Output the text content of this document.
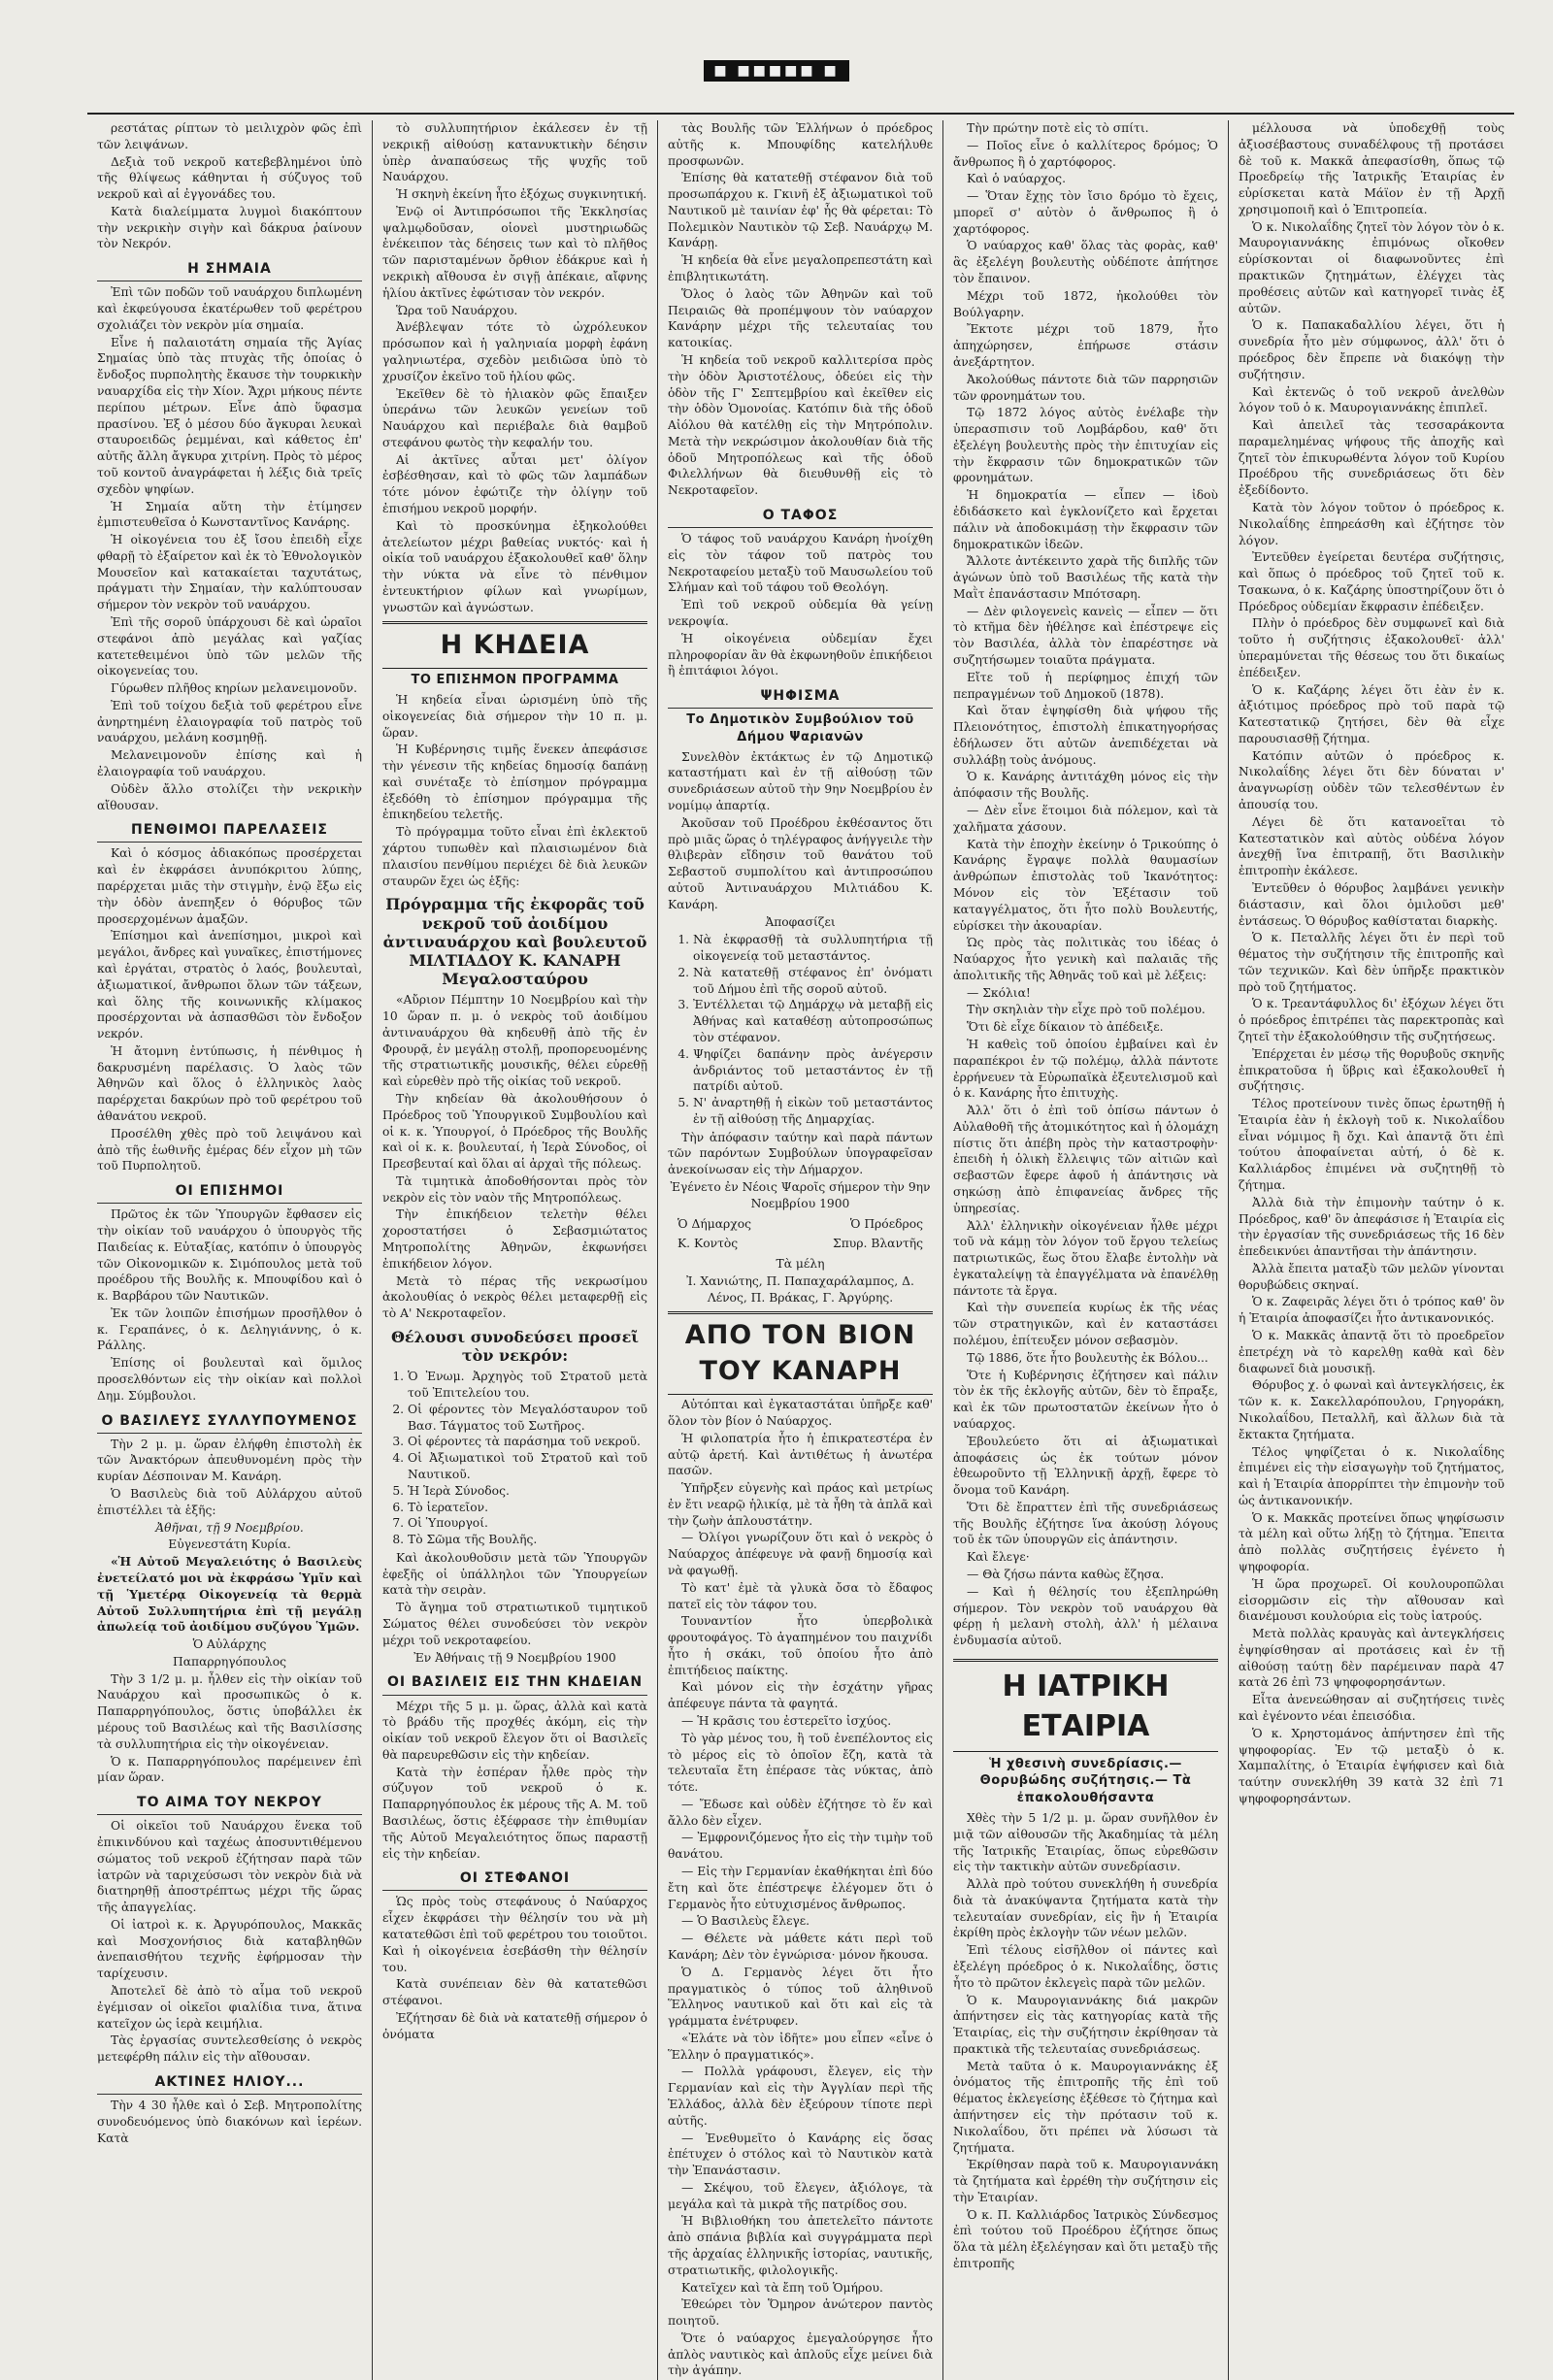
■ ■■■■■ ■

ρεστάτας ρίπτων τὸ μειλιχρὸν φῶς ἐπὶ τῶν λειψάνων.

Δεξιὰ τοῦ νεκροῦ κατεβεβλημένοι ὑπὸ τῆς θλίψεως κάθηνται ἡ σύζυγος τοῦ νεκροῦ καὶ αἱ ἐγγονάδες του.

Κατὰ διαλείμματα λυγμοὶ διακόπτουν τὴν νεκρικὴν σιγὴν καὶ δάκρυα ῥαίνουν τὸν Νεκρόν.

Η ΣΗΜΑΙΑ

Ἐπὶ τῶν ποδῶν τοῦ ναυάρχου διπλωμένη καὶ ἐκφεύγουσα ἑκατέρωθεν τοῦ φερέτρου σχολιάζει τὸν νεκρὸν μία σημαία.

Εἶνε ἡ παλαιοτάτη σημαία τῆς Ἁγίας Σημαίας ὑπὸ τὰς πτυχὰς τῆς ὁποίας ὁ ἔνδοξος πυρπολητὴς ἔκαυσε τὴν τουρκικὴν ναυαρχίδα εἰς τὴν Χίον. Ἄχρι μήκους πέντε περίπου μέτρων. Εἶνε ἀπὸ ὕφασμα πρασίνου. Ἐξ ὁ μέσου δύο ἄγκυραι λευκαὶ σταυροειδῶς ῥεμμέναι, καὶ κάθετος ἐπ' αὐτῆς ἄλλη ἄγκυρα χιτρίνη. Πρὸς τὸ μέρος τοῦ κοντοῦ ἀναγράφεται ἡ λέξις διὰ τρεῖς σχεδὸν ψηφίων.

Ἡ Σημαία αὕτη τὴν ἐτίμησεν ἐμπιστευθεῖσα ὁ Κωνσταντῖνος Κανάρης.

Ἡ οἰκογένεια του ἐξ ἴσου ἐπειδὴ εἶχε φθαρῇ τὸ ἐξαίρετον καὶ ἐκ τὸ Ἐθνολογικὸν Μουσεῖον καὶ κατακαίεται ταχυτάτως, πράγματι τὴν Σημαίαν, τὴν καλύπτουσαν σήμερον τὸν νεκρὸν τοῦ ναυάρχου.

Ἐπὶ τῆς σοροῦ ὑπάρχουσι δὲ καὶ ὡραῖοι στεφάνοι ἀπὸ μεγάλας καὶ γαζίας κατετεθειμένοι ὑπὸ τῶν μελῶν τῆς οἰκογενείας του.

Γύρωθεν πλῆθος κηρίων μελανειμονοῦν.

Ἐπὶ τοῦ τοίχου δεξιὰ τοῦ φερέτρου εἶνε ἀνηρτημένη ἐλαιογραφία τοῦ πατρὸς τοῦ ναυάρχου, μελάνη κοσμηθῇ.

Μελανειμονοῦν ἐπίσης καὶ ἡ ἐλαιογραφία τοῦ ναυάρχου.

Οὐδὲν ἄλλο στολίζει τὴν νεκρικὴν αἴθουσαν.

ΠΕΝΘΙΜΟΙ ΠΑΡΕΛΑΣΕΙΣ

Καὶ ὁ κόσμος ἀδιακόπως προσέρχεται καὶ ἐν ἐκφράσει ἀνυπόκριτου λύπης, παρέρχεται μιᾶς τὴν στιγμὴν, ἐνῷ ἔξω εἰς τὴν ὁδὸν ἀνεπηξεν ὁ θόρυβος τῶν προσερχομένων ἀμαξῶν.

Ἐπίσημοι καὶ ἀνεπίσημοι, μικροὶ καὶ μεγάλοι, ἄνδρες καὶ γυναῖκες, ἐπιστήμονες καὶ ἐργάται, στρατὸς ὁ λαός, βουλευταὶ, ἀξιωματικοί, ἄνθρωποι ὅλων τῶν τάξεων, καὶ ὅλης τῆς κοινωνικῆς κλίμακος προσέρχονται νὰ ἀσπασθῶσι τὸν ἔνδοξον νεκρόν.

Ἡ ἄτομνη ἐντύπωσις, ἡ πένθιμος ἡ δακρυσμένη παρέλασις. Ὁ λαὸς τῶν Ἀθηνῶν καὶ ὅλος ὁ ἑλληνικὸς λαὸς παρέρχεται δακρύων πρὸ τοῦ φερέτρου τοῦ ἀθανάτου νεκροῦ.

Προσέλθη χθὲς πρὸ τοῦ λειψάνου καὶ ἀπὸ τῆς ἑωθινῆς ἐμέρας δέν εἶχον μὴ τῶν τοῦ Πυρπολητοῦ.

ΟΙ ΕΠΙΣΗΜΟΙ

Πρῶτος ἐκ τῶν Ὑπουργῶν ἔφθασεν εἰς τὴν οἰκίαν τοῦ ναυάρχου ὁ ὑπουργὸς τῆς Παιδείας κ. Εὐταξίας, κατόπιν ὁ ὑπουργὸς τῶν Οἰκονομικῶν κ. Σιμόπουλος μετὰ τοῦ προέδρου τῆς Βουλῆς κ. Μπουφίδου καὶ ὁ κ. Βαρβάρου τῶν Ναυτικῶν.

Ἐκ τῶν λοιπῶν ἐπισήμων προσῆλθον ὁ κ. Γεραπάνες, ὁ κ. Δεληγιάννης, ὁ κ. Ράλλης.

Ἐπίσης οἱ βουλευταὶ καὶ ὅμιλος προσελθόντων εἰς τὴν οἰκίαν καὶ πολλοὶ Δημ. Σύμβουλοι.

Ο ΒΑΣΙΛΕΥΣ ΣΥΛΛΥΠΟΥΜΕΝΟΣ

Τὴν 2 μ. μ. ὥραν ἐλήφθη ἐπιστολὴ ἐκ τῶν Ἀνακτόρων ἀπευθυνομένη πρὸς τὴν κυρίαν Δέσποιναν Μ. Κανάρη.

Ὁ Βασιλεὺς διὰ τοῦ Αὐλάρχου αὐτοῦ ἐπιστέλλει τὰ ἑξῆς:

Ἀθῆναι, τῇ 9 Νοεμβρίου.

Εὐγενεστάτη Κυρία.

«Ἡ Αὐτοῦ Μεγαλειότης ὁ Βασιλεὺς ἐνετείλατό μοι νὰ ἐκφράσω Ὑμῖν καὶ τῇ Ὑμετέρᾳ Οἰκογενείᾳ τὰ θερμὰ Αὐτοῦ Συλλυπητήρια ἐπὶ τῇ μεγάλῃ ἀπωλείᾳ τοῦ ἀοιδίμου συζύγου Ὑμῶν.

Ὁ Αὐλάρχης

Παπαρρηγόπουλος

Τὴν 3 1/2 μ. μ. ἦλθεν εἰς τὴν οἰκίαν τοῦ Ναυάρχου καὶ προσωπικῶς ὁ κ. Παπαρρηγόπουλος, ὅστις ὑποβάλλει ἐκ μέρους τοῦ Βασιλέως καὶ τῆς Βασιλίσσης τὰ συλλυπητήρια εἰς τὴν οἰκογένειαν.

Ὁ κ. Παπαρρηγόπουλος παρέμεινεν ἐπὶ μίαν ὥραν.

ΤΟ ΑΙΜΑ ΤΟΥ ΝΕΚΡΟΥ

Οἱ οἰκεῖοι τοῦ Ναυάρχου ἕνεκα τοῦ ἐπικινδύνου καὶ ταχέως ἀποσυντιθέμενου σώματος τοῦ νεκροῦ ἐζήτησαν παρὰ τῶν ἰατρῶν νὰ ταριχεύσωσι τὸν νεκρὸν διὰ νὰ διατηρηθῇ ἀποστρέπτως μέχρι τῆς ὥρας τῆς ἀπαγγελίας.

Οἱ ἰατροὶ κ. κ. Ἀργυρόπουλος, Μακκᾶς καὶ Μοσχονήσιος διὰ καταβληθῶν ἀνεπαισθήτου τεχνῆς ἐφήρμοσαν τὴν ταρίχευσιν.

Ἀποτελεῖ δὲ ἀπὸ τὸ αἷμα τοῦ νεκροῦ ἐγέμισαν οἱ οἰκεῖοι φιαλίδια τινα, ἅτινα κατεῖχον ὡς ἱερὰ κειμήλια.

Τὰς ἐργασίας συντελεσθείσης ὁ νεκρὸς μετεφέρθη πάλιν εἰς τὴν αἴθουσαν.

ΑΚΤΙΝΕΣ ΗΛΙΟΥ...

Τὴν 4 30 ἦλθε καὶ ὁ Σεβ. Μητροπολίτης συνοδευόμενος ὑπὸ διακόνων καὶ ἱερέων. Κατὰ

τὸ συλλυπητήριον ἐκάλεσεν ἐν τῇ νεκρικῇ αἰθούσῃ κατανυκτικὴν δέησιν ὑπὲρ ἀναπαύσεως τῆς ψυχῆς τοῦ Ναυάρχου.

Ἡ σκηνὴ ἐκείνη ἦτο ἐξόχως συγκινητική.

Ἐνῷ οἱ Ἀντιπρόσωποι τῆς Ἐκκλησίας ψαλμῳδοῦσαν, οἱονεὶ μυστηριωδῶς ἐνέκειπον τὰς δέησεις των καὶ τὸ πλῆθος τῶν παρισταμένων ὄρθιον ἐδάκρυε καὶ ἡ νεκρικὴ αἴθουσα ἐν σιγῇ ἀπέκαιε, αἴφνης ἡλίου ἀκτῖνες ἐφώτισαν τὸν νεκρόν.

Ὥρα τοῦ Ναυάρχου.

Ἀνέβλεψαν τότε τὸ ὠχρόλευκον πρόσωπον καὶ ἡ γαληνιαία μορφὴ ἐφάνη γαληνιωτέρα, σχεδὸν μειδιῶσα ὑπὸ τὸ χρυσίζον ἐκεῖνο τοῦ ἡλίου φῶς.

Ἐκεῖθεν δὲ τὸ ἡλιακὸν φῶς ἔπαιξεν ὑπεράνω τῶν λευκῶν γενείων τοῦ Ναυάρχου καὶ περιέβαλε διὰ θαμβοῦ στεφάνου φωτὸς τὴν κεφαλήν του.

Αἱ ἀκτῖνες αὗται μετ' ὀλίγον ἐσβέσθησαν, καὶ τὸ φῶς τῶν λαμπάδων τότε μόνον ἐφώτιζε τὴν ὀλίγην τοῦ ἐπισήμου νεκροῦ μορφήν.

Καὶ τὸ προσκύνημα ἐξηκολούθει ἀτελείωτον μέχρι βαθείας νυκτός· καὶ ἡ οἰκία τοῦ ναυάρχου ἐξακολουθεῖ καθ' ὅλην τὴν νύκτα νὰ εἶνε τὸ πένθιμον ἐντευκτήριον φίλων καὶ γνωρίμων, γνωστῶν καὶ ἀγνώστων.

Η ΚΗΔΕΙΑ
ΤΟ ΕΠΙΣΗΜΟΝ ΠΡΟΓΡΑΜΜΑ

Ἡ κηδεία εἶναι ὡρισμένη ὑπὸ τῆς οἰκογενείας διὰ σήμερον τὴν 10 π. μ. ὥραν.

Ἡ Κυβέρνησις τιμῆς ἕνεκεν ἀπεφάσισε τὴν γένεσιν τῆς κηδείας δημοσίᾳ δαπάνῃ καὶ συνέταξε τὸ ἐπίσημον πρόγραμμα ἐξεδόθη τὸ ἐπίσημον πρόγραμμα τῆς ἐπικηδείου τελετῆς.

Τὸ πρόγραμμα τοῦτο εἶναι ἐπὶ ἐκλεκτοῦ χάρτου τυπωθὲν καὶ πλαισιωμένον διὰ πλαισίου πενθίμου περιέχει δὲ διὰ λευκῶν σταυρῶν ἔχει ὡς ἑξῆς:

Πρόγραμμα τῆς ἐκφορᾶς τοῦ νεκροῦ τοῦ ἀοιδίμου ἀντιναυάρχου καὶ βουλευτοῦ ΜΙΛΤΙΑΔΟΥ Κ. ΚΑΝΑΡΗ Μεγαλοσταύρου

«Αὔριον Πέμπτην 10 Νοεμβρίου καὶ τὴν 10 ὥραν π. μ. ὁ νεκρὸς τοῦ ἀοιδίμου ἀντιναυάρχου θὰ κηδευθῇ ἀπὸ τῆς ἐν Φρουρᾷ, ἐν μεγάλῃ στολῇ, προπορευομένης τῆς στρατιωτικῆς μουσικῆς, θέλει εὑρεθῇ καὶ εὑρεθὲν πρὸ τῆς οἰκίας τοῦ νεκροῦ.

Τὴν κηδείαν θὰ ἀκολουθήσουν ὁ Πρόεδρος τοῦ Ὑπουργικοῦ Συμβουλίου καὶ οἱ κ. κ. Ὑπουργοί, ὁ Πρόεδρος τῆς Βουλῆς καὶ οἱ κ. κ. βουλευταί, ἡ Ἱερὰ Σύνοδος, οἱ Πρεσβευταί καὶ ὅλαι αἱ ἀρχαὶ τῆς πόλεως.

Τὰ τιμητικὰ ἀποδοθήσονται πρὸς τὸν νεκρὸν εἰς τὸν ναὸν τῆς Μητροπόλεως.

Τὴν ἐπικήδειον τελετὴν θέλει χοροστατήσει ὁ Σεβασμιώτατος Μητροπολίτης Ἀθηνῶν, ἐκφωνήσει ἐπικήδειον λόγον.

Μετὰ τὸ πέρας τῆς νεκρωσίμου ἀκολουθίας ὁ νεκρὸς θέλει μεταφερθῇ εἰς τὸ Α' Νεκροταφεῖον.

Θέλουσι συνοδεύσει προσεῖ τὸν νεκρόν:
1. Ὁ Ἐνωμ. Ἀρχηγὸς τοῦ Στρατοῦ μετὰ τοῦ Ἐπιτελείου του.
2. Οἱ φέροντες τὸν Μεγαλόσταυρον τοῦ Βασ. Τάγματος τοῦ Σωτῆρος.
3. Οἱ φέροντες τὰ παράσημα τοῦ νεκροῦ.
4. Οἱ Ἀξιωματικοὶ τοῦ Στρατοῦ καὶ τοῦ Ναυτικοῦ.
5. Ἡ Ἱερὰ Σύνοδος.
6. Τὸ ἱερατεῖον.
7. Οἱ Ὑπουργοί.
8. Τὸ Σῶμα τῆς Βουλῆς.

Καὶ ἀκολουθοῦσιν μετὰ τῶν Ὑπουργῶν ἐφεξῆς οἱ ὑπάλληλοι τῶν Ὑπουργείων κατὰ τὴν σειρὰν.

Τὸ ἄγημα τοῦ στρατιωτικοῦ τιμητικοῦ Σώματος θέλει συνοδεύσει τὸν νεκρὸν μέχρι τοῦ νεκροταφείου.

Ἐν Ἀθήναις τῇ 9 Νοεμβρίου 1900

ΟΙ ΒΑΣΙΛΕΙΣ ΕΙΣ ΤΗΝ ΚΗΔΕΙΑΝ

Μέχρι τῆς 5 μ. μ. ὥρας, ἀλλὰ καὶ κατὰ τὸ βράδυ τῆς προχθές ἀκόμη, εἰς τὴν οἰκίαν τοῦ νεκροῦ ἔλεγον ὅτι οἱ Βασιλεῖς θὰ παρευρεθῶσιν εἰς τὴν κηδείαν.

Κατὰ τὴν ἑσπέραν ἦλθε πρὸς τὴν σύζυγον τοῦ νεκροῦ ὁ κ. Παπαρρηγόπουλος ἐκ μέρους τῆς Α. Μ. τοῦ Βασιλέως, ὅστις ἐξέφρασε τὴν ἐπιθυμίαν τῆς Αὐτοῦ Μεγαλειότητος ὅπως παραστῇ εἰς τὴν κηδείαν.

ΟΙ ΣΤΕΦΑΝΟΙ

Ὡς πρὸς τοὺς στεφάνους ὁ Ναύαρχος εἶχεν ἐκφράσει τὴν θέλησίν του νὰ μὴ κατατεθῶσι ἐπὶ τοῦ φερέτρου του τοιοῦτοι. Καὶ ἡ οἰκογένεια ἐσεβάσθη τὴν θέλησίν του.

Κατὰ συνέπειαν δὲν θὰ κατατεθῶσι στέφανοι.

Ἐζήτησαν δὲ διὰ νὰ κατατεθῇ σήμερον ὁ ὀνόματα

τὰς Βουλῆς τῶν Ἑλλήνων ὁ πρόεδρος αὐτῆς κ. Μπουφίδης κατελήλυθε προσφωνῶν.

Ἐπίσης θὰ κατατεθῇ στέφανον διὰ τοῦ προσωπάρχου κ. Γκινῆ ἐξ ἀξιωματικοὶ τοῦ Ναυτικοῦ μὲ ταινίαν ἐφ' ἧς θὰ φέρεται: Τὸ Πολεμικὸν Ναυτικὸν τῷ Σεβ. Ναυάρχῳ Μ. Κανάρῃ.

Ἡ κηδεία θὰ εἶνε μεγαλοπρεπεστάτη καὶ ἐπιβλητικωτάτη.

Ὅλος ὁ λαὸς τῶν Ἀθηνῶν καὶ τοῦ Πειραιῶς θὰ προπέμψουν τὸν ναύαρχον Κανάρην μέχρι τῆς τελευταίας του κατοικίας.

Ἡ κηδεία τοῦ νεκροῦ καλλιτερίσα πρὸς τὴν ὁδὸν Ἀριστοτέλους, ὁδεύει εἰς τὴν ὁδὸν τῆς Γ' Σεπτεμβρίου καὶ ἐκεῖθεν εἰς τὴν ὁδὸν Ὁμονοίας. Κατόπιν διὰ τῆς ὁδοῦ Αἰόλου θὰ κατέλθῃ εἰς τὴν Μητρόπολιν. Μετὰ τὴν νεκρώσιμον ἀκολουθίαν διὰ τῆς ὁδοῦ Μητροπόλεως καὶ τῆς ὁδοῦ Φιλελλήνων θὰ διευθυνθῇ εἰς τὸ Νεκροταφεῖον.

Ο ΤΑΦΟΣ

Ὁ τάφος τοῦ ναυάρχου Κανάρη ἠνοίχθη εἰς τὸν τάφον τοῦ πατρὸς του Νεκροταφείου μεταξὺ τοῦ Μαυσωλείου τοῦ Σλήμαν καὶ τοῦ τάφου τοῦ Θεολόγη.

Ἐπὶ τοῦ νεκροῦ οὐδεμία θὰ γείνῃ νεκροψία.

Ἡ οἰκογένεια οὐδεμίαν ἔχει πληροφορίαν ἂν θὰ ἐκφωνηθοῦν ἐπικήδειοι ἢ ἐπιτάφιοι λόγοι.

ΨΗΦΙΣΜΑ
Το Δημοτικὸν Συμβούλιον τοῦ Δήμου Ψαριανῶν

Συνελθὸν ἐκτάκτως ἐν τῷ Δημοτικῷ καταστήματι καὶ ἐν τῇ αἰθούσῃ τῶν συνεδριάσεων αὐτοῦ τὴν 9ην Νοεμβρίου ἐν νομίμῳ ἀπαρτίᾳ.

Ἀκοῦσαν τοῦ Προέδρου ἐκθέσαντος ὅτι πρὸ μιᾶς ὥρας ὁ τηλέγραφος ἀνήγγειλε τὴν θλιβερὰν εἴδησιν τοῦ θανάτου τοῦ Σεβαστοῦ συμπολίτου καὶ ἀντιπροσώπου αὐτοῦ Ἀντιναυάρχου Μιλτιάδου Κ. Κανάρη.

Ἀποφασίζει

1. Νὰ ἐκφρασθῇ τὰ συλλυπητήρια τῇ οἰκογενείᾳ τοῦ μεταστάντος.
2. Νὰ κατατεθῇ στέφανος ἐπ' ὀνόματι τοῦ Δήμου ἐπὶ τῆς σοροῦ αὐτοῦ.
3. Ἐντέλλεται τῷ Δημάρχῳ νὰ μεταβῇ εἰς Ἀθήνας καὶ καταθέσῃ αὐτοπροσώπως τὸν στέφανον.
4. Ψηφίζει δαπάνην πρὸς ἀνέγερσιν ἀνδριάντος τοῦ μεταστάντος ἐν τῇ πατρίδι αὐτοῦ.
5. Ν' ἀναρτηθῇ ἡ εἰκὼν τοῦ μεταστάντος ἐν τῇ αἰθούσῃ τῆς Δημαρχίας.

Τὴν ἀπόφασιν ταύτην καὶ παρὰ πάντων τῶν παρόντων Συμβούλων ὑπογραφεῖσαν ἀνεκοίνωσαν εἰς τὴν Δήμαρχον.

Ἐγένετο ἐν Νέοις Ψαροῖς σήμερον τὴν 9ην Νοεμβρίου 1900

Ὁ Δήμαρχος	Ὁ Πρόεδρος
Κ. Κοντὸς	Σπυρ. Βλαντῆς

Τὰ μέλη

Ἰ. Χανιώτης, Π. Παπαχαράλαμπος, Δ. Λένος, Π. Βράκας, Γ. Ἀργύρης.

ΑΠΟ ΤΟΝ ΒΙΟΝ ΤΟΥ ΚΑΝΑΡΗ

Αὐτόπται καὶ ἐγκαταστάται ὑπῆρξε καθ' ὅλον τὸν βίον ὁ Ναύαρχος.

Ἡ φιλοπατρία ἦτο ἡ ἐπικρατεστέρα ἐν αὐτῷ ἀρετή. Καὶ ἀντιθέτως ἡ ἀνωτέρα πασῶν.

Ὑπῆρξεν εὐγενὴς καὶ πράος καὶ μετρίως ἐν ἔτι νεαρῷ ἡλικίᾳ, μὲ τὰ ἦθη τὰ ἀπλᾶ καὶ τὴν ζωὴν ἁπλουστάτην.

— Ὀλίγοι γνωρίζουν ὅτι καὶ ὁ νεκρὸς ὁ Ναύαρχος ἀπέφευγε νὰ φανῇ δημοσίᾳ καὶ νὰ φαγωθῇ.

Τὸ κατ' ἐμὲ τὰ γλυκὰ ὄσα τὸ ἔδαφος πατεῖ εἰς τὸν τάφον του.

Τουναντίον ἦτο ὑπερβολικὰ φρουτοφάγος. Τὸ ἀγαπημένον του παιχνίδι ἦτο ἡ σκάκι, τοῦ ὁποίου ἦτο ἀπὸ ἐπιτήδειος παίκτης.

Καὶ μόνον εἰς τὴν ἐσχάτην γῆρας ἀπέφευγε πάντα τὰ φαγητά.

— Ἡ κρᾶσις του ἐστερεῖτο ἰσχύος.

Τὸ γὰρ μένος του, ἢ τοῦ ἐνεπέλοντος εἰς τὸ μέρος εἰς τὸ ὁποῖον ἔζη, κατὰ τὰ τελευταῖα ἔτη ἐπέρασε τὰς νύκτας, ἀπὸ τότε.

— Ἔδωσε καὶ οὐδὲν ἐζήτησε τὸ ἕν καὶ ἄλλο δὲν εἶχεν.

— Ἐμφρονιζόμενος ἦτο εἰς τὴν τιμὴν τοῦ θανάτου.

— Εἰς τὴν Γερμανίαν ἐκαθήκηται ἐπὶ δύο ἔτη καὶ ὅτε ἐπέστρεψε ἐλέγομεν ὅτι ὁ Γερμανὸς ἦτο εὐτυχισμένος ἄνθρωπος.

— Ὁ Βασιλεὺς ἔλεγε.

— Θέλετε νὰ μάθετε κάτι περὶ τοῦ Κανάρη; Δὲν τὸν ἐγνώρισα· μόνον ἤκουσα.

Ὁ Δ. Γερμανὸς λέγει ὅτι ἦτο πραγματικὸς ὁ τύπος τοῦ ἀληθινοῦ Ἕλληνος ναυτικοῦ καὶ ὅτι καὶ εἰς τὰ γράμματα ἐνέτρυφεν.

«Ἐλάτε νὰ τὸν ἰδῆτε» μου εἶπεν «εἶνε ὁ Ἕλλην ὁ πραγματικός».

— Πολλὰ γράφουσι, ἔλεγεν, εἰς τὴν Γερμανίαν καὶ εἰς τὴν Ἀγγλίαν περὶ τῆς Ἑλλάδος, ἀλλὰ δὲν ἐξεύρουν τίποτε περὶ αὐτῆς.

— Ἐνεθυμεῖτο ὁ Κανάρης εἰς ὅσας ἐπέτυχεν ὁ στόλος καὶ τὸ Ναυτικὸν κατὰ τὴν Ἐπανάστασιν.

— Σκέψου, τοῦ ἔλεγεν, ἀξιόλογε, τὰ μεγάλα καὶ τὰ μικρὰ τῆς πατρίδος σου.

Ἡ Βιβλιοθήκη του ἀπετελεῖτο πάντοτε ἀπὸ σπάνια βιβλία καὶ συγγράμματα περὶ τῆς ἀρχαίας ἑλληνικῆς ἱστορίας, ναυτικῆς, στρατιωτικῆς, φιλολογικῆς.

Κατεῖχεν καὶ τὰ ἔπη τοῦ Ὁμήρου.

Ἐθεώρει τὸν Ὅμηρον ἀνώτερον παντὸς ποιητοῦ.

Ὅτε ὁ ναύαρχος ἐμεγαλούργησε ἦτο ἀπλὸς ναυτικὸς καὶ ἀπλοῦς εἶχε μείνει διὰ τὴν ἀγάπην.

Τὴν πρώτην ποτὲ εἰς τὸ σπίτι.

— Ποῖος εἶνε ὁ καλλίτερος δρόμος; Ὁ ἄνθρωπος ἢ ὁ χαρτόφορος.

Καὶ ὁ ναύαρχος.

— Ὅταν ἔχῃς τὸν ἴσιο δρόμο τὸ ἔχεις, μπορεῖ σ' αὐτὸν ὁ ἄνθρωπος ἢ ὁ χαρτόφορος.

Ὁ ναύαρχος καθ' ὅλας τὰς φορὰς, καθ' ἃς ἐξελέγη βουλευτὴς οὐδέποτε ἀπήτησε τὸν ἔπαινον.

Μέχρι τοῦ 1872, ἠκολούθει τὸν Βούλγαρην.

Ἔκτοτε μέχρι τοῦ 1879, ἦτο ἀπηχώρησεν, ἐπήρωσε στάσιν ἀνεξάρτητον.

Ἀκολούθως πάντοτε διὰ τῶν παρρησιῶν τῶν φρονημάτων του.

Τῷ 1872 λόγος αὐτὸς ἐνέλαβε τὴν ὑπερασπισιν τοῦ Λομβάρδου, καθ' ὅτι ἐξελέγη βουλευτὴς πρὸς τὴν ἐπιτυχίαν εἰς τὴν ἔκφρασιν τῶν δημοκρατικῶν τῶν φρονημάτων.

Ἡ δημοκρατία — εἶπεν — ἰδοὺ ἐδιδάσκετο καὶ ἐγκλονίζετο καὶ ἔρχεται πάλιν νὰ ἀποδοκιμάσῃ τὴν ἔκφρασιν τῶν δημοκρατικῶν ἰδεῶν.

Ἄλλοτε ἀντέκειντο χαρὰ τῆς διπλῆς τῶν ἀγώνων ὑπὸ τοῦ Βασιλέως τῆς κατὰ τὴν Μαῒτ ἐπανάστασιν Μπότσαρη.

— Δὲν φιλογενεὶς κανεὶς — εἶπεν — ὅτι τὸ κτῆμα δὲν ἠθέλησε καὶ ἐπέστρεψε εἰς τὸν Βασιλέα, ἀλλὰ τὸν ἐπαρέστησε νὰ συζητήσωμεν τοιαῦτα πράγματα.

Εἴτε τοῦ ἡ περίφημος ἐπιχή τῶν πεπραγμένων τοῦ Δημοκοῦ (1878).

Καὶ ὅταν ἐψηφίσθη διὰ ψήφου τῆς Πλειονότητος, ἐπιστολὴ ἐπικατηγορήσας ἐδήλωσεν ὅτι αὐτῶν ἀνεπιδέχεται νὰ συλλάβῃ τοὺς ἀνόμους.

Ὁ κ. Κανάρης ἀντιτάχθη μόνος εἰς τὴν ἀπόφασιν τῆς Βουλῆς.

— Δὲν εἶνε ἕτοιμοι διὰ πόλεμον, καὶ τὰ χαλῆματα χάσουν.

Κατὰ τὴν ἐποχὴν ἐκείνην ὁ Τρικούπης ὁ Κανάρης ἔγραψε πολλὰ θαυμασίων ἀνθρώπων ἐπιστολὰς τοῦ Ἰκανότητος: Μόνον εἰς τὸν Ἐξέτασιν τοῦ καταγγέλματος, ὅτι ἦτο πολὺ Βουλευτής, εὑρίσκει τὴν ἀκουαρίαν.

Ὡς πρὸς τὰς πολιτικὰς του ἰδέας ὁ Ναύαρχος ἦτο γενικὴ καὶ παλαιᾶς τῆς ἀπολιτικῆς τῆς Ἀθηνᾶς τοῦ καὶ μὲ λέξεις:

— Σκόλια!

Τὴν σκηλιὰν τὴν εἶχε πρὸ τοῦ πολέμου.

Ὅτι δὲ εἶχε δίκαιον τὸ ἀπέδειξε.

Ἡ καθεὶς τοῦ ὁποίου ἐμβαίνει καὶ ἐν παραπέκροι ἐν τῷ πολέμῳ, ἀλλὰ πάντοτε ἐρρήνευεν τὰ Εὐρωπαϊκὰ ἐξευτελισμοῦ καὶ ὁ κ. Κανάρης ἦτο ἐπιτυχὴς.

Ἀλλ' ὅτι ὁ ἐπὶ τοῦ ὁπίσω πάντων ὁ Αὐλαθοθῆ τῆς ἀτομικότητος καὶ ἡ ὁλομάχη πίστις ὅτι ἀπέβη πρὸς τὴν καταστροφὴν· ἐπειδὴ ἡ ὁλικὴ ἔλλειψις τῶν αἰτιῶν καὶ σεβαστῶν ἔφερε ἀφοῦ ἡ ἀπάντησις νὰ σηκώσῃ ἀπὸ ἐπιφανείας ἄνδρες τῆς ὑπηρεσίας.

Ἀλλ' ἐλληνικὴν οἰκογένειαν ἦλθε μέχρι τοῦ νὰ κάμῃ τὸν λόγον τοῦ ἔργου τελείως πατριωτικῶς, ἕως ὅτου ἔλαβε ἐντολὴν νὰ ἐγκαταλείψῃ τὰ ἐπαγγέλματα νὰ ἐπανέλθῃ πάντοτε τὰ ἔργα.

Καὶ τὴν συνεπεία κυρίως ἐκ τῆς νέας τῶν στρατηγικῶν, καὶ ἐν καταστάσει πολέμου, ἐπίτευξεν μόνον σεβασμὸν.

Τῷ 1886, ὅτε ἦτο βουλευτὴς ἐκ Βόλου...

Ὅτε ἡ Κυβέρνησις ἐζήτησεν καὶ πάλιν τὸν ἐκ τῆς ἐκλογῆς αὐτῶν, δὲν τὸ ἔπραξε, καὶ ἐκ τῶν πρωτοστατῶν ἐκείνων ἦτο ὁ ναύαρχος.

Ἐβουλεύετο ὅτι αἱ ἀξιωματικαὶ ἀποφάσεις ὡς ἐκ τούτων μόνον ἐθεωροῦντο τῇ Ἑλληνικῇ ἀρχῇ, ἔφερε τὸ ὄνομα τοῦ Κανάρη.

Ὅτι δὲ ἔπραττεν ἐπὶ τῆς συνεδριάσεως τῆς Βουλῆς ἐζήτησε ἵνα ἀκούσῃ λόγους τοῦ ἐκ τῶν ὑπουργῶν εἰς ἀπάντησιν.

Καὶ ἔλεγε·

— Θὰ ζήσω πάντα καθὼς ἔζησα.

— Καὶ ἡ θέλησίς του ἐξεπληρώθη σήμερον. Τὸν νεκρὸν τοῦ ναυάρχου θὰ φέρῃ ἡ μελανὴ στολὴ, ἀλλ' ἡ μέλαινα ἐνδυμασία αὐτοῦ.

Η ΙΑΤΡΙΚΗ ΕΤΑΙΡΙΑ
Ἡ χθεσινὴ συνεδρίασις.— Θορυβώδης συζήτησις.— Τὰ ἐπακολουθήσαντα

Χθὲς τὴν 5 1/2 μ. μ. ὥραν συνῆλθον ἐν μιᾷ τῶν αἰθουσῶν τῆς Ἀκαδημίας τὰ μέλη τῆς Ἰατρικῆς Ἑταιρίας, ὅπως εὐρεθῶσιν εἰς τὴν τακτικὴν αὐτῶν συνεδρίασιν.

Ἀλλὰ πρὸ τούτου συνεκλήθη ἡ συνεδρία διὰ τὰ ἀνακύψαντα ζητήματα κατὰ τὴν τελευταίαν συνεδρίαν, εἰς ἣν ἡ Ἐταιρία ἐκρίθη πρὸς ἐκλογὴν τῶν νέων μελῶν.

Ἐπὶ τέλους εἰσῆλθον οἱ πάντες καὶ ἐξελέγη πρόεδρος ὁ κ. Νικολαΐδης, ὅστις ἦτο τὸ πρῶτον ἐκλεγεὶς παρὰ τῶν μελῶν.

Ὁ κ. Μαυρογιαννάκης διά μακρῶν ἀπήντησεν εἰς τὰς κατηγορίας κατὰ τῆς Ἑταιρίας, εἰς τὴν συζήτησιν ἐκρίθησαν τὰ πρακτικὰ τῆς τελευταίας συνεδριάσεως.

Μετὰ ταῦτα ὁ κ. Μαυρογιαννάκης ἐξ ὀνόματος τῆς ἐπιτροπῆς τῆς ἐπὶ τοῦ θέματος ἐκλεγείσης ἐξέθεσε τὸ ζήτημα καὶ ἀπήντησεν εἰς τὴν πρότασιν τοῦ κ. Νικολαΐδου, ὅτι πρέπει νὰ λύσωσι τὰ ζητήματα.

Ἐκρίθησαν παρὰ τοῦ κ. Μαυρογιαννάκη τὰ ζητήματα καὶ ἐρρέθη τὴν συζήτησιν εἰς τὴν Ἑταιρίαν.

Ὁ κ. Π. Καλλιάρδος Ἰατρικὸς Σύνδεσμος ἐπὶ τούτου τοῦ Προέδρου ἐζήτησε ὅπως ὅλα τὰ μέλη ἐξελέγησαν καὶ ὅτι μεταξὺ τῆς ἐπιτροπῆς

μέλλουσα νὰ ὑποδεχθῇ τοὺς ἀξιοσέβαστους συναδέλφους τῇ προτάσει δὲ τοῦ κ. Μακκᾶ ἀπεφασίσθη, ὅπως τῷ Προεδρείῳ τῆς Ἰατρικῆς Ἑταιρίας ἐν εὐρίσκεται κατὰ Μάϊον ἐν τῇ Ἀρχῇ χρησιμοποιῆ καὶ ὁ Ἐπιτροπεία.

Ὁ κ. Νικολαΐδης ζητεῖ τὸν λόγον τὸν ὁ κ. Μαυρογιαννάκης ἐπιμόνως οἴκοθεν εὑρίσκονται οἱ διαφωνοῦντες ἐπὶ πρακτικῶν ζητημάτων, ἐλέγχει τὰς προθέσεις αὐτῶν καὶ κατηγορεῖ τινὰς ἐξ αὐτῶν.

Ὁ κ. Παπακαδαλλίου λέγει, ὅτι ἡ συνεδρία ἦτο μὲν σύμφωνος, ἀλλ' ὅτι ὁ πρόεδρος δὲν ἔπρεπε νὰ διακόψῃ τὴν συζήτησιν.

Καὶ ἐκτενῶς ὁ τοῦ νεκροῦ ἀνελθὼν λόγον τοῦ ὁ κ. Μαυρογιαννάκης ἐπιπλεῖ.

Καὶ ἀπειλεῖ τὰς τεσσαράκοντα παραμελημένας ψήφους τῆς ἀποχῆς καὶ ζητεῖ τὸν ἐπικυρωθέντα λόγον τοῦ Κυρίου Προέδρου τῆς συνεδριάσεως ὅτι δὲν ἐξεδίδοντο.

Κατὰ τὸν λόγον τοῦτον ὁ πρόεδρος κ. Νικολαΐδης ἐπηρεάσθη καὶ ἐζήτησε τὸν λόγον.

Ἐντεῦθεν ἐγείρεται δευτέρα συζήτησις, καὶ ὅπως ὁ πρόεδρος τοῦ ζητεῖ τοῦ κ. Τσακωνα, ὁ κ. Καζάρης ὑποστηρίζουν ὅτι ὁ Πρόεδρος οὐδεμίαν ἔκφρασιν ἐπέδειξεν.

Πλὴν ὁ πρόεδρος δὲν συμφωνεῖ καὶ διὰ τοῦτο ἡ συζήτησις ἐξακολουθεῖ· ἀλλ' ὑπεραμύνεται τῆς θέσεως του ὅτι δικαίως ἐπέδειξεν.

Ὁ κ. Καζάρης λέγει ὅτι ἐὰν ἐν κ. ἀξιότιμος πρόεδρος πρὸ τοῦ παρὰ τῷ Κατεστατικῷ ζητήσει, δὲν θὰ εἶχε παρουσιασθῇ ζήτημα.

Κατόπιν αὐτῶν ὁ πρόεδρος κ. Νικολαΐδης λέγει ὅτι δὲν δύναται ν' ἀναγνωρίσῃ οὐδὲν τῶν τελεσθέντων ἐν ἀπουσίᾳ του.

Λέγει δὲ ὅτι κατανοεῖται τὸ Κατεστατικὸν καὶ αὐτὸς οὐδένα λόγον ἀνεχθῇ ἵνα ἐπιτραπῇ, ὅτι Βασιλικὴν ἐπιτροπὴν ἐκάλεσε.

Ἐντεῦθεν ὁ θόρυβος λαμβάνει γενικὴν διάστασιν, καὶ ὅλοι ὁμιλοῦσι μεθ' ἐντάσεως. Ὁ θόρυβος καθίσταται διαρκὴς.

Ὁ κ. Πεταλλῆς λέγει ὅτι ἐν περὶ τοῦ θέματος τὴν συζήτησιν τῆς ἐπιτροπῆς καὶ τῶν τεχνικῶν. Καὶ δὲν ὑπῆρξε πρακτικὸν πρὸ τοῦ ζητήματος.

Ὁ κ. Τρεαντάφυλλος δι' ἐξόχων λέγει ὅτι ὁ πρόεδρος ἐπιτρέπει τὰς παρεκτροπὰς καὶ ζητεῖ τὴν ἐξακολούθησιν τῆς συζητήσεως.

Ἐπέρχεται ἐν μέσῳ τῆς θορυβοῦς σκηνῆς ἐπικρατοῦσα ἡ ὕβρις καὶ ἐξακολουθεῖ ἡ συζήτησις.

Τέλος προτείνουν τινὲς ὅπως ἐρωτηθῇ ἡ Ἑταιρία ἐὰν ἡ ἐκλογὴ τοῦ κ. Νικολαΐδου εἶναι νόμιμος ἢ ὄχι. Καὶ ἀπαντᾷ ὅτι ἐπὶ τούτου ἀποφαίνεται αὐτή, ὁ δὲ κ. Καλλιάρδος ἐπιμένει νὰ συζητηθῇ τὸ ζήτημα.

Ἀλλὰ διὰ τὴν ἐπιμονὴν ταύτην ὁ κ. Πρόεδρος, καθ' ὃν ἀπεφάσισε ἡ Ἑταιρία εἰς τὴν ἐργασίαν τῆς συνεδριάσεως τῆς 16 δὲν ἐπεδεικνύει ἀπαντῆσαι τὴν ἀπάντησιν.

Ἀλλὰ ἔπειτα ματαξὺ τῶν μελῶν γίνονται θορυβώδεις σκηναί.

Ὁ κ. Ζαφειρᾶς λέγει ὅτι ὁ τρόπος καθ' ὃν ἡ Ἑταιρία ἀποφασίζει ἦτο ἀντικανονικός.

Ὁ κ. Μακκᾶς ἀπαντᾷ ὅτι τὸ προεδρεῖον ἐπετρέχη νὰ τὸ καρελθῃ καθὰ καὶ δὲν διαφωνεῖ διὰ μουσικῇ.

Θόρυβος χ. ὁ φωναὶ καὶ ἀντεγκλήσεις, ἐκ τῶν κ. κ. Σακελλαρόπουλου, Γρηγοράκη, Νικολαΐδου, Πεταλλῆ, καὶ ἄλλων διὰ τὰ ἔκτακτα ζητήματα.

Τέλος ψηφίζεται ὁ κ. Νικολαΐδης ἐπιμένει εἰς τὴν εἰσαγωγὴν τοῦ ζητήματος, καὶ ἡ Ἑταιρία ἀπορρίπτει τὴν ἐπιμονὴν τοῦ ὡς ἀντικανονικήν.

Ὁ κ. Μακκᾶς προτείνει ὅπως ψηφίσωσιν τὰ μέλη καὶ οὕτω λήξῃ τὸ ζήτημα. Ἔπειτα ἀπὸ πολλὰς συζητήσεις ἐγένετο ἡ ψηφοφορία.

Ἡ ὥρα προχωρεῖ. Οἱ κουλουροπῶλαι εἰσορμῶσιν εἰς τὴν αἴθουσαν καὶ διανέμουσι κουλούρια εἰς τοὺς ἰατρούς.

Μετὰ πολλὰς κραυγὰς καὶ ἀντεγκλήσεις ἐψηφίσθησαν αἱ προτάσεις καὶ ἐν τῇ αἰθούσῃ ταύτῃ δὲν παρέμειναν παρὰ 47 κατὰ 26 ἐπὶ 73 ψηφοφορησάντων.

Εἶτα ἀνενεώθησαν αἱ συζητήσεις τινὲς καὶ ἐγένοντο νέαι ἐπεισόδια.

Ὁ κ. Χρηστομάνος ἀπήντησεν ἐπὶ τῆς ψηφοφορίας. Ἐν τῷ μεταξὺ ὁ κ. Χαμπαλίτης, ὁ Ἑταιρία ἐψήφισεν καὶ διὰ ταύτην συνεκλήθη 39 κατὰ 32 ἐπὶ 71 ψηφοφορησάντων.
